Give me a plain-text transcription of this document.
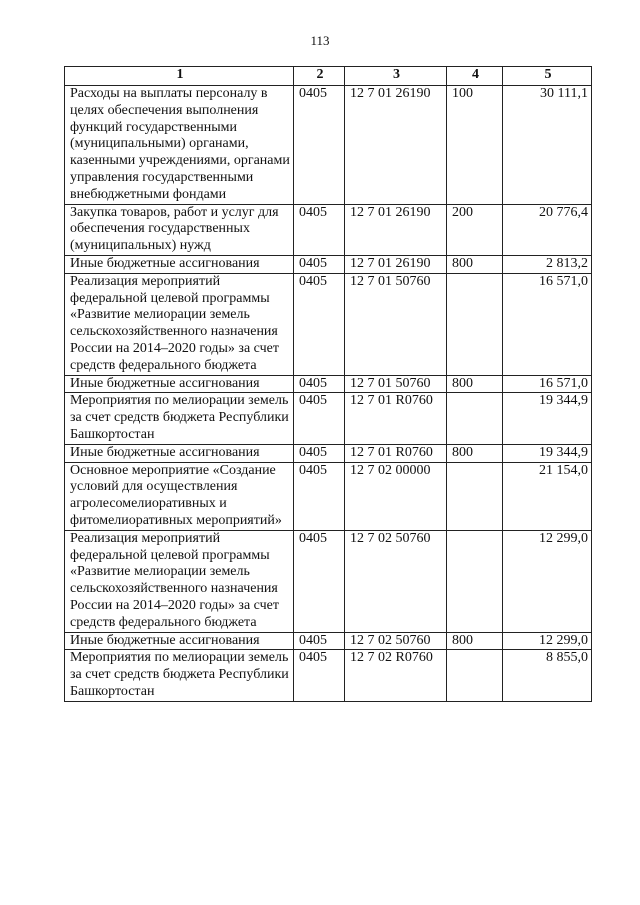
113
1	2	3	4	5
Расходы на выплаты персоналу в целях обеспечения выполнения функций государственными (муниципальными) органами, казенными учреждениями, органами управления государственными внебюджетными фондами	0405	12 7 01 26190	100	30 111,1
Закупка товаров, работ и услуг для обеспечения государственных (муниципальных) нужд	0405	12 7 01 26190	200	20 776,4
Иные бюджетные ассигнования	0405	12 7 01 26190	800	2 813,2
Реализация мероприятий федеральной целевой программы «Развитие мелиорации земель сельскохозяйственного назначения России на 2014–2020 годы» за счет средств федерального бюджета	0405	12 7 01 50760		16 571,0
Иные бюджетные ассигнования	0405	12 7 01 50760	800	16 571,0
Мероприятия по мелиорации земель за счет средств бюджета Республики Башкортостан	0405	12 7 01 R0760		19 344,9
Иные бюджетные ассигнования	0405	12 7 01 R0760	800	19 344,9
Основное мероприятие «Создание условий для осуществления агролесомелиоративных и фитомелиоративных мероприятий»	0405	12 7 02 00000		21 154,0
Реализация мероприятий федеральной целевой программы «Развитие мелиорации земель сельскохозяйственного назначения России на 2014–2020 годы» за счет средств федерального бюджета	0405	12 7 02 50760		12 299,0
Иные бюджетные ассигнования	0405	12 7 02 50760	800	12 299,0
Мероприятия по мелиорации земель за счет средств бюджета Республики Башкортостан	0405	12 7 02 R0760		8 855,0
